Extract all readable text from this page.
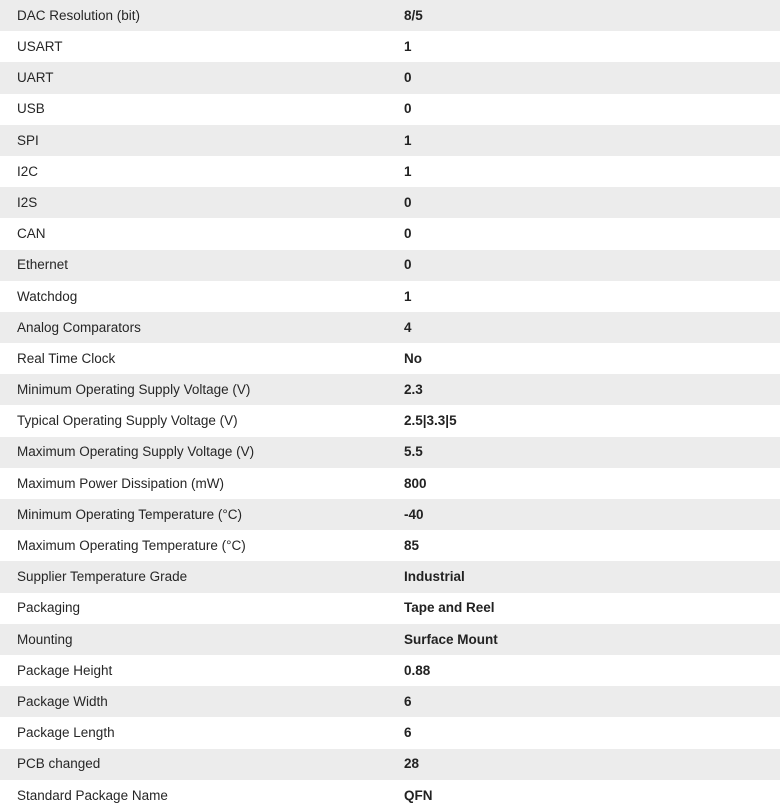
DAC Resolution (bit)	8/5
USART	1
UART	0
USB	0
SPI	1
I2C	1
I2S	0
CAN	0
Ethernet	0
Watchdog	1
Analog Comparators	4
Real Time Clock	No
Minimum Operating Supply Voltage (V)	2.3
Typical Operating Supply Voltage (V)	2.5|3.3|5
Maximum Operating Supply Voltage (V)	5.5
Maximum Power Dissipation (mW)	800
Minimum Operating Temperature (°C)	-40
Maximum Operating Temperature (°C)	85
Supplier Temperature Grade	Industrial
Packaging	Tape and Reel
Mounting	Surface Mount
Package Height	0.88
Package Width	6
Package Length	6
PCB changed	28
Standard Package Name	QFN
